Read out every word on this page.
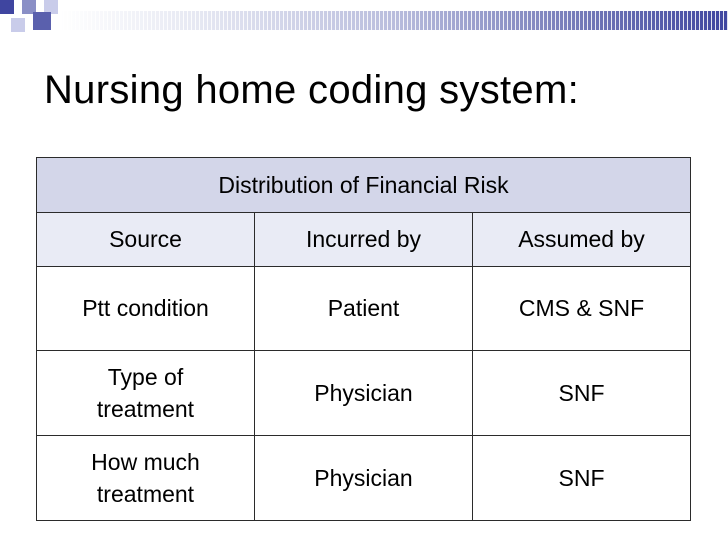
Nursing home coding system:
Distribution of Financial Risk		
Source	Incurred by	Assumed by
Ptt condition	Patient	CMS & SNF
Type of treatment	Physician	SNF
How much treatment	Physician	SNF
